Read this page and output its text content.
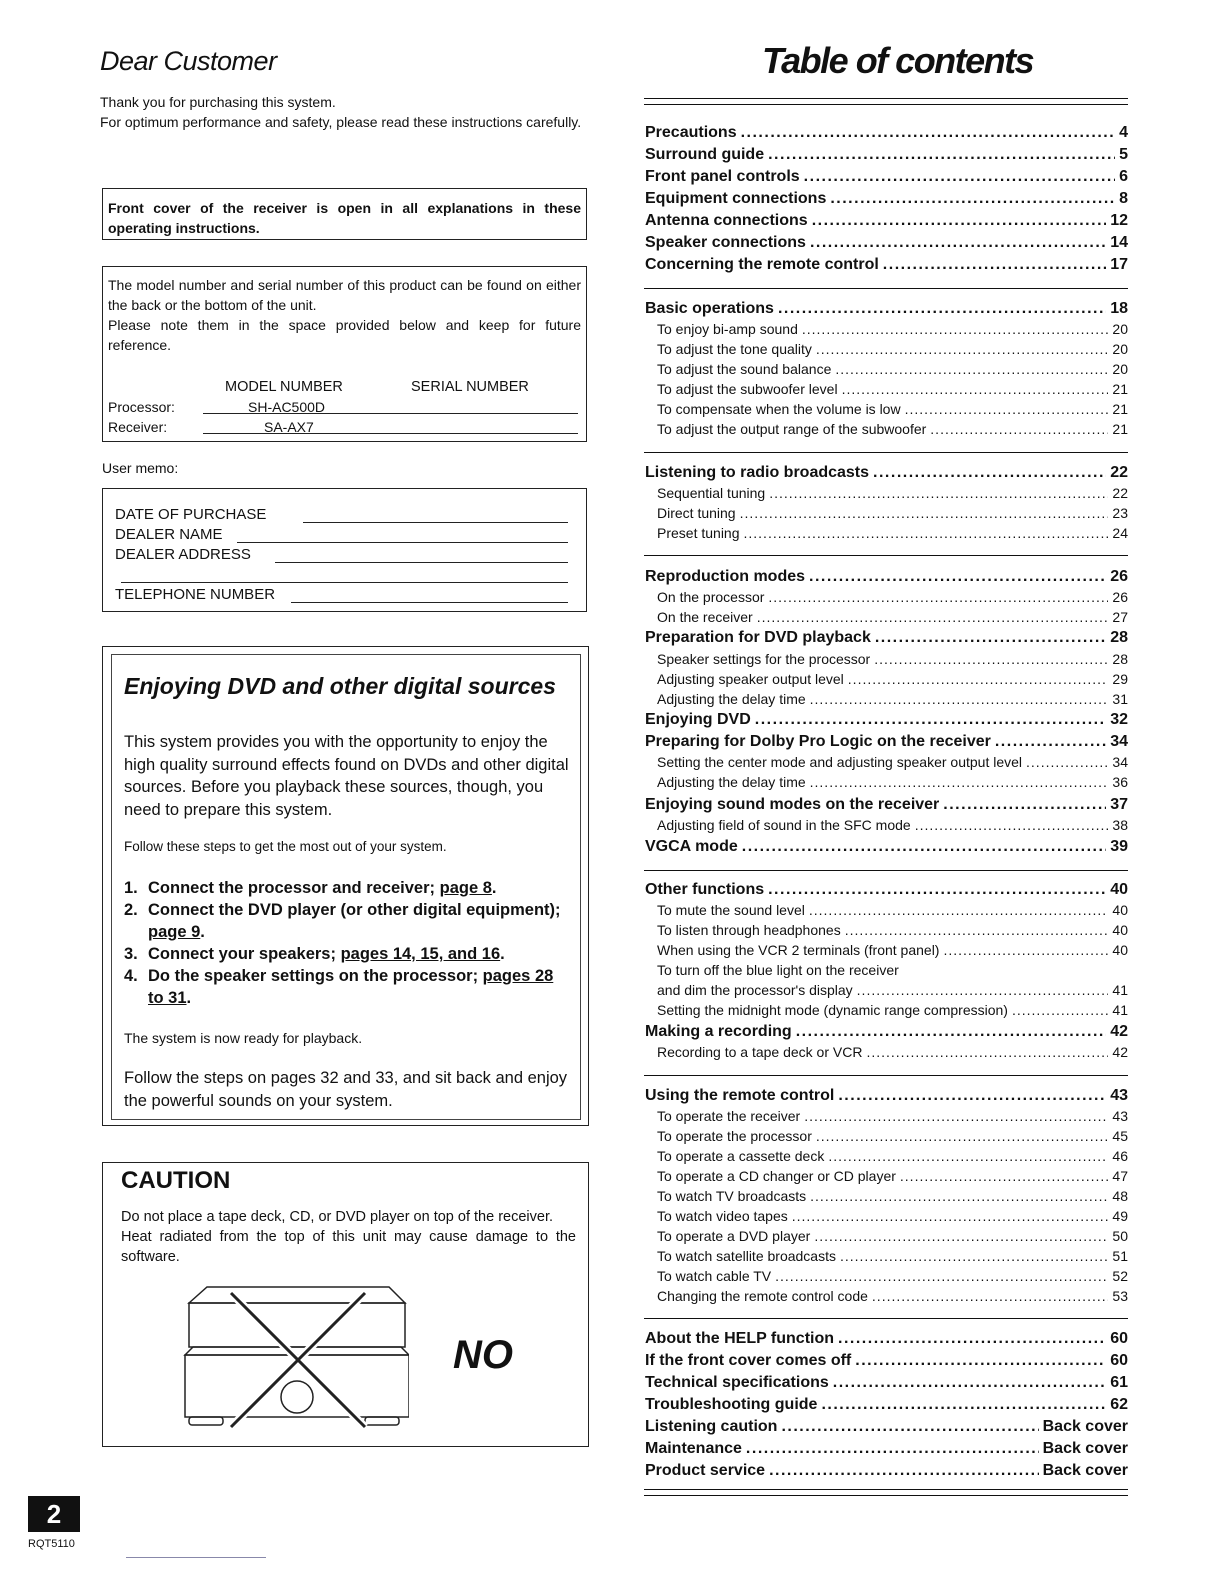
Dear Customer
Thank you for purchasing this system.
For optimum performance and safety, please read these instructions carefully.
Front cover of the receiver is open in all explanations in these operating instructions.
The model number and serial number of this product can be found on either the back or the bottom of the unit.
Please note them in the space provided below and keep for future reference.
MODEL NUMBER	SERIAL NUMBER
Processor:	SH-AC500D
Receiver:	SA-AX7
User memo:
DATE OF PURCHASE
DEALER NAME
DEALER ADDRESS
TELEPHONE NUMBER
Enjoying DVD and other digital sources
This system provides you with the opportunity to enjoy the high quality surround effects found on DVDs and other digital sources. Before you playback these sources, though, you need to prepare this system.
Follow these steps to get the most out of your system.
1. Connect the processor and receiver; page 8.
2. Connect the DVD player (or other digital equipment); page 9.
3. Connect your speakers; pages 14, 15, and 16.
4. Do the speaker settings on the processor; pages 28 to 31.
The system is now ready for playback.
Follow the steps on pages 32 and 33, and sit back and enjoy the powerful sounds on your system.
CAUTION
Do not place a tape deck, CD, or DVD player on top of the receiver.
Heat radiated from the top of this unit may cause damage to the software.
NO
2
RQT5110
Table of contents
Precautions .....	4
Surround guide .....	5
Front panel controls .....	6
Equipment connections .....	8
Antenna connections .....	12
Speaker connections .....	14
Concerning the remote control .....	17
Basic operations .....	18
To enjoy bi-amp sound .....	20
To adjust the tone quality .....	20
To adjust the sound balance .....	20
To adjust the subwoofer level .....	21
To compensate when the volume is low .....	21
To adjust the output range of the subwoofer .....	21
Listening to radio broadcasts .....	22
Sequential tuning .....	22
Direct tuning .....	23
Preset tuning .....	24
Reproduction modes .....	26
On the processor .....	26
On the receiver .....	27
Preparation for DVD playback .....	28
Speaker settings for the processor .....	28
Adjusting speaker output level .....	29
Adjusting the delay time .....	31
Enjoying DVD .....	32
Preparing for Dolby Pro Logic on the receiver .....	34
Setting the center mode and adjusting speaker output level .....	34
Adjusting the delay time .....	36
Enjoying sound modes on the receiver .....	37
Adjusting field of sound in the SFC mode .....	38
VGCA mode .....	39
Other functions .....	40
To mute the sound level .....	40
To listen through headphones .....	40
When using the VCR 2 terminals (front panel) .....	40
To turn off the blue light on the receiver
and dim the processor's display .....	41
Setting the midnight mode (dynamic range compression) .....	41
Making a recording .....	42
Recording to a tape deck or VCR .....	42
Using the remote control .....	43
To operate the receiver .....	43
To operate the processor .....	45
To operate a cassette deck .....	46
To operate a CD changer or CD player .....	47
To watch TV broadcasts .....	48
To watch video tapes .....	49
To operate a DVD player .....	50
To watch satellite broadcasts .....	51
To watch cable TV .....	52
Changing the remote control code .....	53
About the HELP function .....	60
If the front cover comes off .....	60
Technical specifications .....	61
Troubleshooting guide .....	62
Listening caution .....	Back cover
Maintenance .....	Back cover
Product service .....	Back cover
